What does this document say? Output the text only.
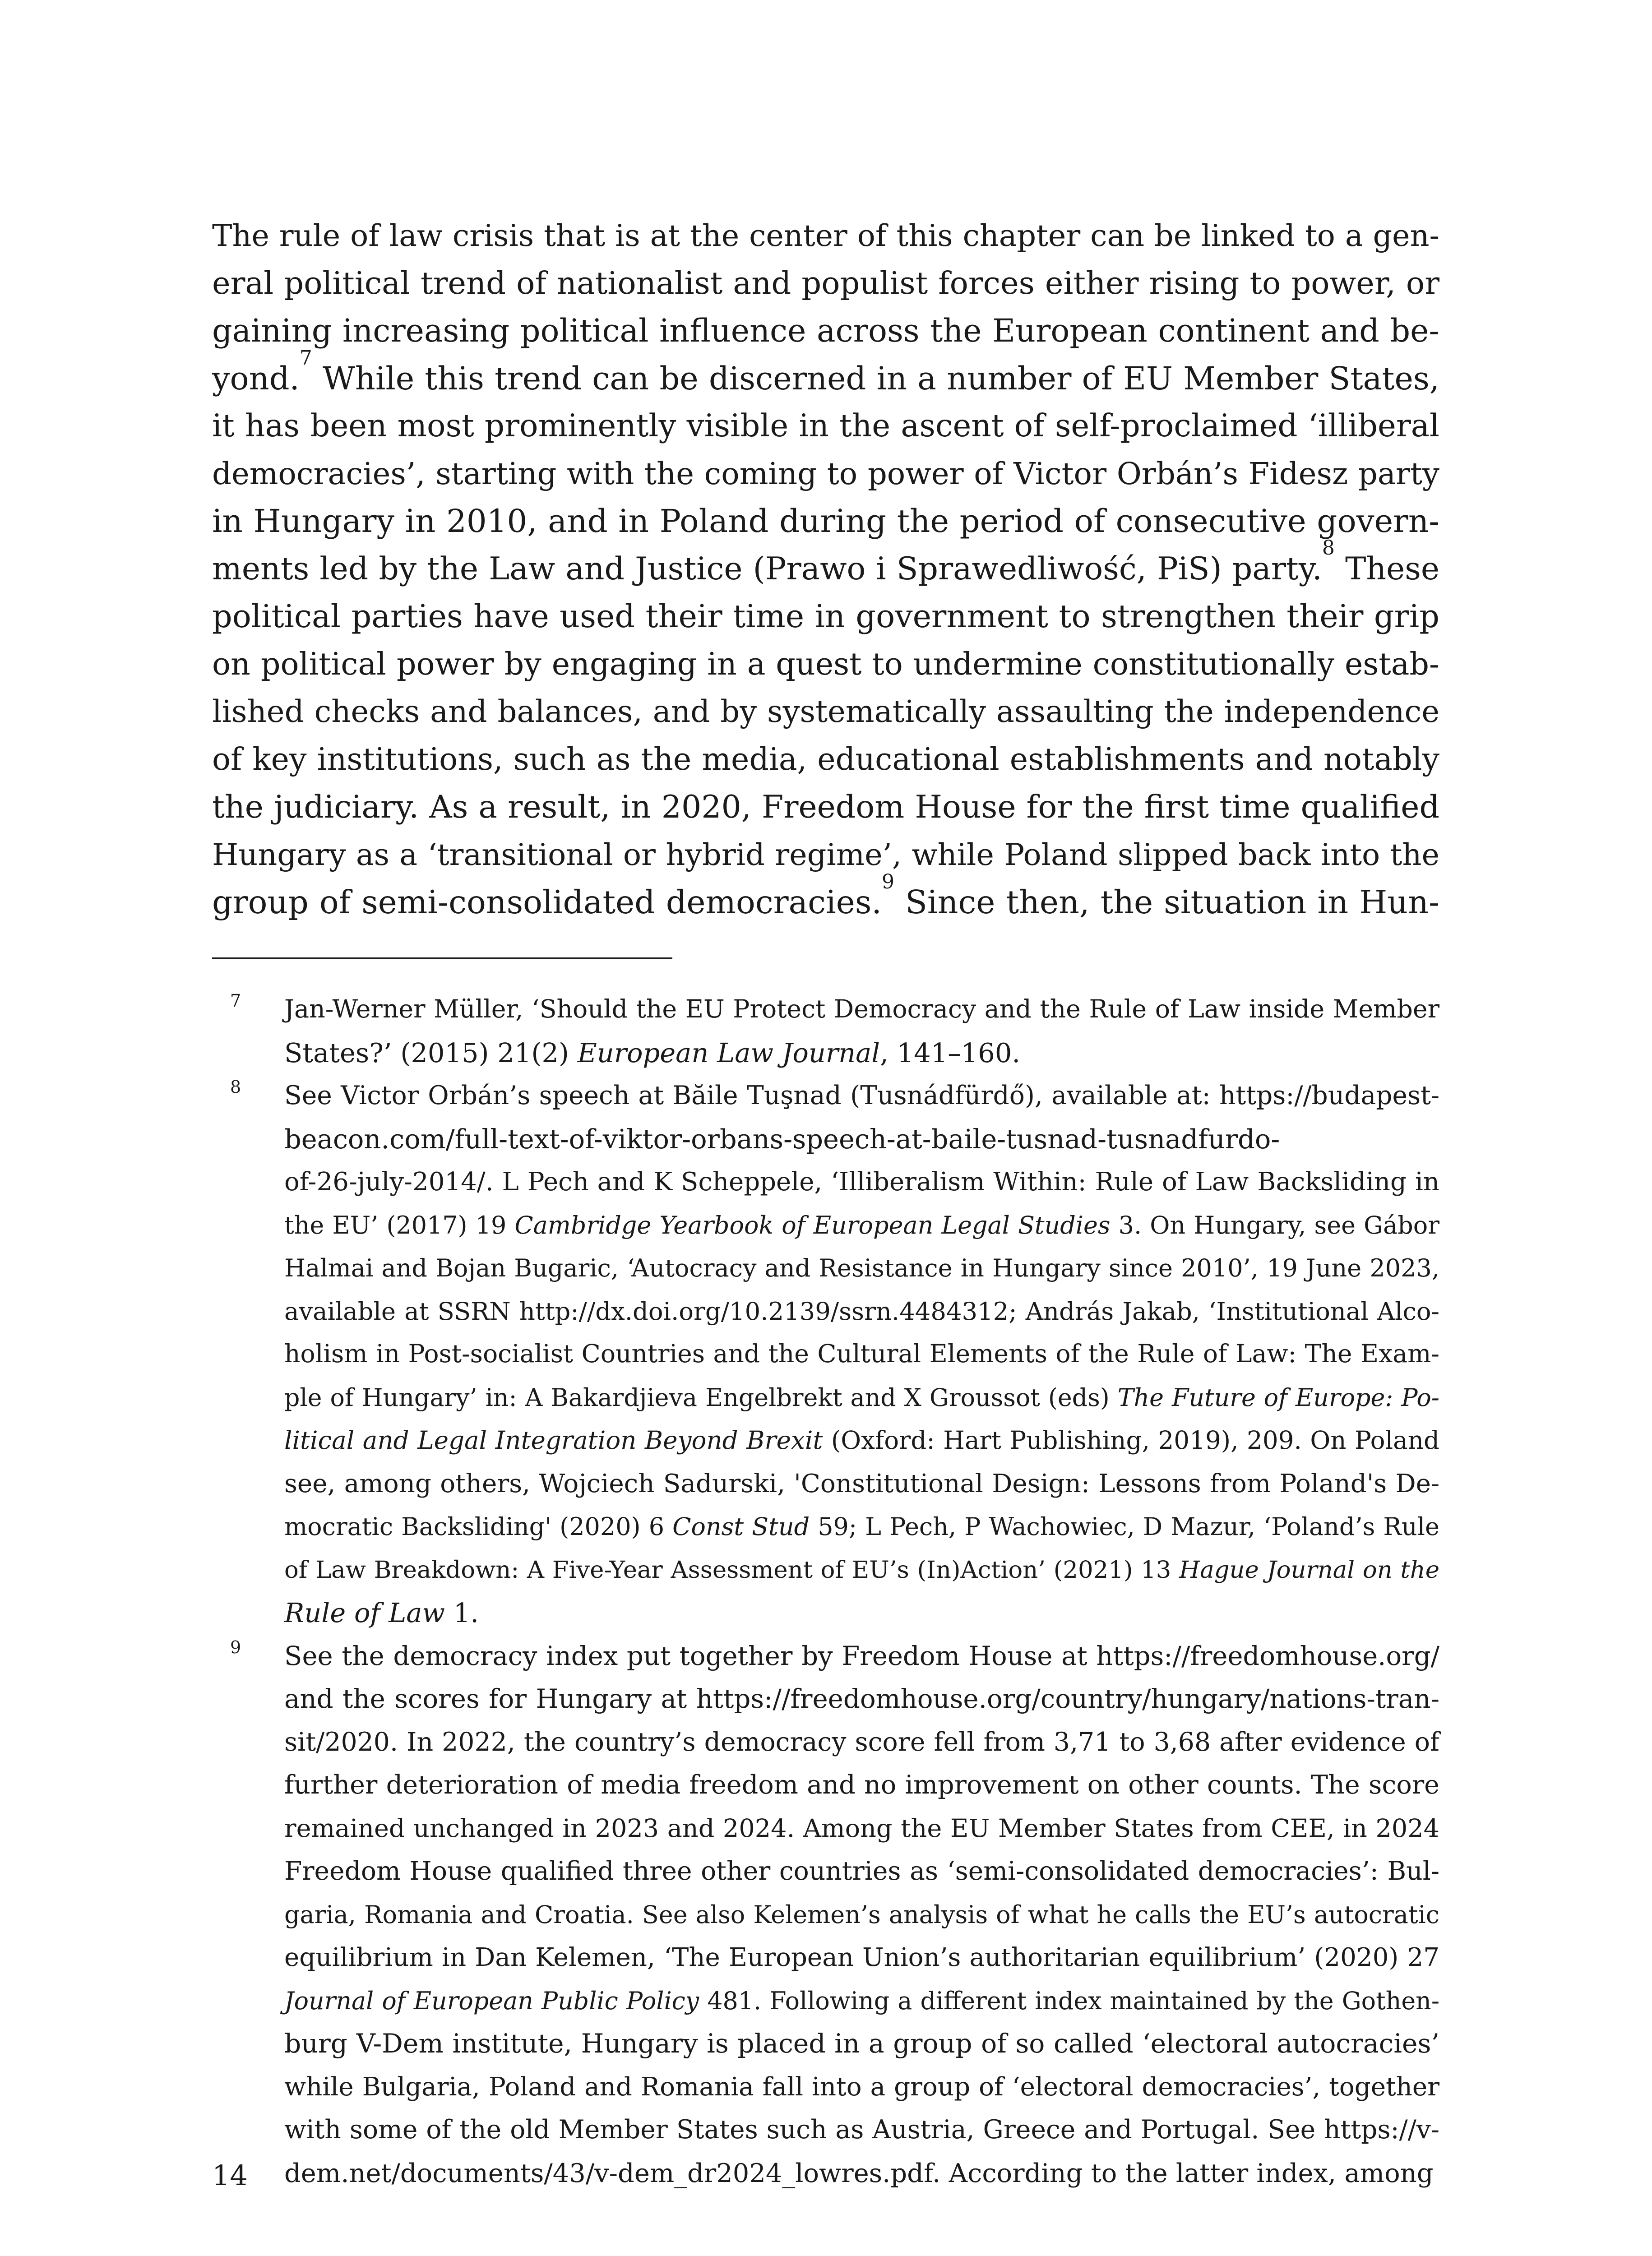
The rule of law crisis that is at the center of this chapter can be linked to a gen-
eral political trend of nationalist and populist forces either rising to power, or
gaining increasing political influence across the European continent and be-
yond.$^7$ While this trend can be discerned in a number of EU Member States,
it has been most prominently visible in the ascent of self-proclaimed ‘illiberal
democracies’, starting with the coming to power of Victor Orbán’s Fidesz party
in Hungary in 2010, and in Poland during the period of consecutive govern-
ments led by the Law and Justice (Prawo i Sprawedliwość, PiS) party.$^8$ These
political parties have used their time in government to strengthen their grip
on political power by engaging in a quest to undermine constitutionally estab-
lished checks and balances, and by systematically assaulting the independence
of key institutions, such as the media, educational establishments and notably
the judiciary. As a result, in 2020, Freedom House for the first time qualified
Hungary as a ‘transitional or hybrid regime’, while Poland slipped back into the
group of semi-consolidated democracies.$^9$ Since then, the situation in Hun-
7 Jan-Werner Müller, ‘Should the EU Protect Democracy and the Rule of Law inside Member
States?’ (2015) 21(2) European Law Journal, 141–160.
8 See Victor Orbán’s speech at Băile Tuşnad (Tusnádfürdő), available at: https://budapest-
beacon.com/full-text-of-viktor-orbans-speech-at-baile-tusnad-tusnadfurdo-
of-26-july-2014/. L Pech and K Scheppele, ‘Illiberalism Within: Rule of Law Backsliding in
the EU’ (2017) 19 Cambridge Yearbook of European Legal Studies 3. On Hungary, see Gábor
Halmai and Bojan Bugaric, ‘Autocracy and Resistance in Hungary since 2010’, 19 June 2023,
available at SSRN http://dx.doi.org/10.2139/ssrn.4484312; András Jakab, ‘Institutional Alco-
holism in Post-socialist Countries and the Cultural Elements of the Rule of Law: The Exam-
ple of Hungary’ in: A Bakardjieva Engelbrekt and X Groussot (eds) The Future of Europe: Po-
litical and Legal Integration Beyond Brexit (Oxford: Hart Publishing, 2019), 209. On Poland
see, among others, Wojciech Sadurski, 'Constitutional Design: Lessons from Poland's De-
mocratic Backsliding' (2020) 6 Const Stud 59; L Pech, P Wachowiec, D Mazur, ‘Poland’s Rule
of Law Breakdown: A Five-Year Assessment of EU’s (In)Action’ (2021) 13 Hague Journal on the
Rule of Law 1.
9 See the democracy index put together by Freedom House at https://freedomhouse.org/
and the scores for Hungary at https://freedomhouse.org/country/hungary/nations-tran-
sit/2020. In 2022, the country’s democracy score fell from 3,71 to 3,68 after evidence of
further deterioration of media freedom and no improvement on other counts. The score
remained unchanged in 2023 and 2024. Among the EU Member States from CEE, in 2024
Freedom House qualified three other countries as ‘semi-consolidated democracies’: Bul-
garia, Romania and Croatia. See also Kelemen’s analysis of what he calls the EU’s autocratic
equilibrium in Dan Kelemen, ‘The European Union’s authoritarian equilibrium’ (2020) 27
Journal of European Public Policy 481. Following a different index maintained by the Gothen-
burg V-Dem institute, Hungary is placed in a group of so called ‘electoral autocracies’
while Bulgaria, Poland and Romania fall into a group of ‘electoral democracies’, together
with some of the old Member States such as Austria, Greece and Portugal. See https://v-
dem.net/documents/43/v-dem_dr2024_lowres.pdf. According to the latter index, among
14
